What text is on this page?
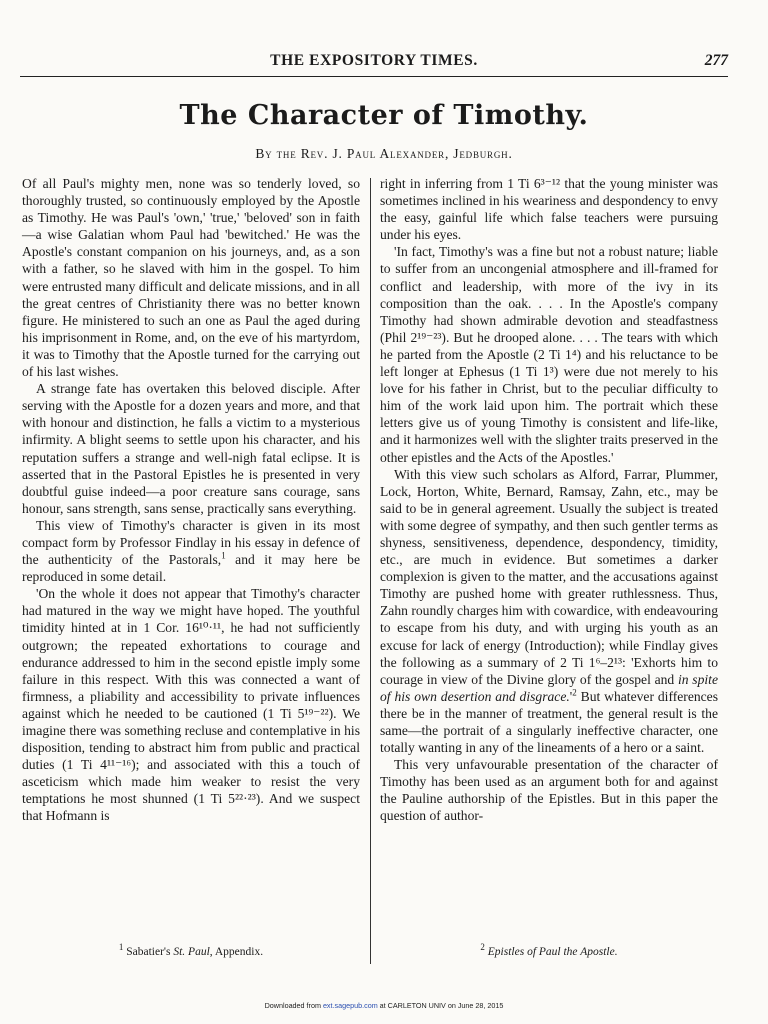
THE EXPOSITORY TIMES.	277
The Character of Timothy.
By the Rev. J. Paul Alexander, Jedburgh.

Of all Paul's mighty men, none was so tenderly loved, so thoroughly trusted, so continuously employed by the Apostle as Timothy. He was Paul's 'own,' 'true,' 'beloved' son in faith—a wise Galatian whom Paul had 'bewitched.' He was the Apostle's constant companion on his journeys, and, as a son with a father, so he slaved with him in the gospel. To him were entrusted many difficult and delicate missions, and in all the great centres of Christianity there was no better known figure. He ministered to such an one as Paul the aged during his imprisonment in Rome, and, on the eve of his martyrdom, it was to Timothy that the Apostle turned for the carrying out of his last wishes.

A strange fate has overtaken this beloved disciple. After serving with the Apostle for a dozen years and more, and that with honour and distinction, he falls a victim to a mysterious infirmity. A blight seems to settle upon his character, and his reputation suffers a strange and well-nigh fatal eclipse. It is asserted that in the Pastoral Epistles he is presented in very doubtful guise indeed—a poor creature sans courage, sans honour, sans strength, sans sense, practically sans everything.

This view of Timothy's character is given in its most compact form by Professor Findlay in his essay in defence of the authenticity of the Pastorals,$^1$ and it may here be reproduced in some detail.

'On the whole it does not appear that Timothy's character had matured in the way we might have hoped. The youthful timidity hinted at in 1 Cor. 16¹⁰·¹¹, he had not sufficiently outgrown; the repeated exhortations to courage and endurance addressed to him in the second epistle imply some failure in this respect. With this was connected a want of firmness, a pliability and accessibility to private influences against which he needed to be cautioned (1 Ti 5¹⁹⁻²²). We imagine there was something recluse and contemplative in his disposition, tending to abstract him from public and practical duties (1 Ti 4¹¹⁻¹⁶); and associated with this a touch of asceticism which made him weaker to resist the very temptations he most shunned (1 Ti 5²²·²³). And we suspect that Hofmann is

right in inferring from 1 Ti 6³⁻¹² that the young minister was sometimes inclined in his weariness and despondency to envy the easy, gainful life which false teachers were pursuing under his eyes.

'In fact, Timothy's was a fine but not a robust nature; liable to suffer from an uncongenial atmosphere and ill-framed for conflict and leadership, with more of the ivy in its composition than the oak. . . . In the Apostle's company Timothy had shown admirable devotion and steadfastness (Phil 2¹⁹⁻²³). But he drooped alone. . . . The tears with which he parted from the Apostle (2 Ti 1⁴) and his reluctance to be left longer at Ephesus (1 Ti 1³) were due not merely to his love for his father in Christ, but to the peculiar difficulty to him of the work laid upon him. The portrait which these letters give us of young Timothy is consistent and life-like, and it harmonizes well with the slighter traits preserved in the other epistles and the Acts of the Apostles.'

With this view such scholars as Alford, Farrar, Plummer, Lock, Horton, White, Bernard, Ramsay, Zahn, etc., may be said to be in general agreement. Usually the subject is treated with some degree of sympathy, and then such gentler terms as shyness, sensitiveness, dependence, despondency, timidity, etc., are much in evidence. But sometimes a darker complexion is given to the matter, and the accusations against Timothy are pushed home with greater ruthlessness. Thus, Zahn roundly charges him with cowardice, with endeavouring to escape from his duty, and with urging his youth as an excuse for lack of energy (Introduction); while Findlay gives the following as a summary of 2 Ti 1⁶–2¹³: 'Exhorts him to courage in view of the Divine glory of the gospel and in spite of his own desertion and disgrace.'$^2$ But whatever differences there be in the manner of treatment, the general result is the same—the portrait of a singularly ineffective character, one totally wanting in any of the lineaments of a hero or a saint.

This very unfavourable presentation of the character of Timothy has been used as an argument both for and against the Pauline authorship of the Epistles. But in this paper the question of author-

$^1$ Sabatier's St. Paul, Appendix.	$^2$ Epistles of Paul the Apostle.
Downloaded from ext.sagepub.com at CARLETON UNIV on June 28, 2015
